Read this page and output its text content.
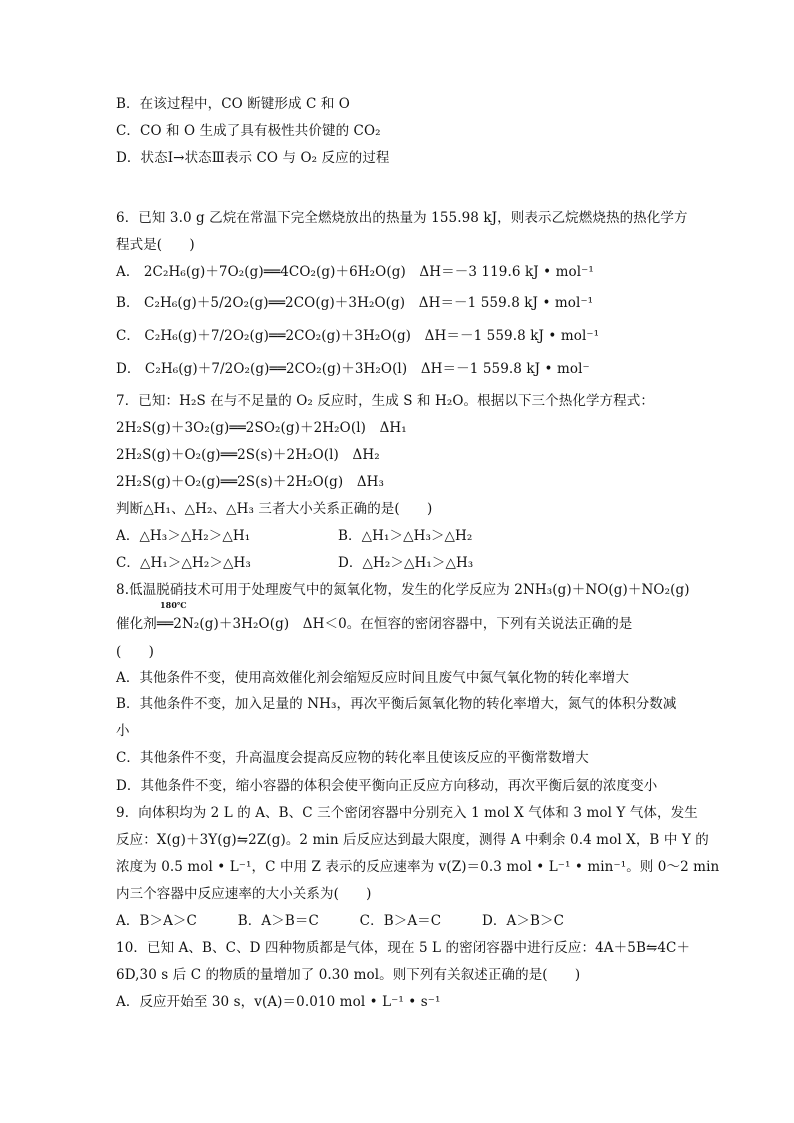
B．在该过程中，CO 断键形成 C 和 O
C．CO 和 O 生成了具有极性共价键的 CO₂
D．状态Ⅰ→状态Ⅲ表示 CO 与 O₂ 反应的过程
6．已知 3.0 g 乙烷在常温下完全燃烧放出的热量为 155.98 kJ，则表示乙烷燃烧热的热化学方
程式是(　　)
A． 2C₂H₆(g)＋7O₂(g)══4CO₂(g)＋6H₂O(g)　ΔH＝－3 119.6 kJ • mol⁻¹
B． C₂H₆(g)＋5/2O₂(g)══2CO(g)＋3H₂O(g)　ΔH＝－1 559.8 kJ • mol⁻¹
C． C₂H₆(g)＋7/2O₂(g)══2CO₂(g)＋3H₂O(g)　ΔH＝－1 559.8 kJ • mol⁻¹
D． C₂H₆(g)＋7/2O₂(g)══2CO₂(g)＋3H₂O(l)　ΔH＝－1 559.8 kJ • mol⁻
7．已知：H₂S 在与不足量的 O₂ 反应时，生成 S 和 H₂O。根据以下三个热化学方程式：
2H₂S(g)＋3O₂(g)══2SO₂(g)＋2H₂O(l)　ΔH₁
2H₂S(g)＋O₂(g)══2S(s)＋2H₂O(l)　ΔH₂
2H₂S(g)＋O₂(g)══2S(s)＋2H₂O(g)　ΔH₃
判断△H₁、△H₂、△H₃ 三者大小关系正确的是(　　)
A．△H₃＞△H₂＞△H₁	B．△H₁＞△H₃＞△H₂
C．△H₁＞△H₂＞△H₃	D．△H₂＞△H₁＞△H₃
8.低温脱硝技术可用于处理废气中的氮氧化物，发生的化学反应为 2NH₃(g)＋NO(g)＋NO₂(g)
180℃
催化剂══2N₂(g)＋3H₂O(g)　ΔH＜0。在恒容的密闭容器中，下列有关说法正确的是
(　　)
A．其他条件不变，使用高效催化剂会缩短反应时间且废气中氮气氧化物的转化率增大
B．其他条件不变，加入足量的 NH₃，再次平衡后氮氧化物的转化率增大，氮气的体积分数减
小
C．其他条件不变，升高温度会提高反应物的转化率且使该反应的平衡常数增大
D．其他条件不变，缩小容器的体积会使平衡向正反应方向移动，再次平衡后氨的浓度变小
9．向体积均为 2 L 的 A、B、C 三个密闭容器中分别充入 1 mol X 气体和 3 mol Y 气体，发生
反应：X(g)＋3Y(g)⇋2Z(g)。2 min 后反应达到最大限度，测得 A 中剩余 0.4 mol X，B 中 Y 的
浓度为 0.5 mol • L⁻¹，C 中用 Z 表示的反应速率为 v(Z)＝0.3 mol • L⁻¹ • min⁻¹。则 0～2 min
内三个容器中反应速率的大小关系为(　　)
A．B＞A＞C　　　B．A＞B＝C　　　C．B＞A＝C　　　D．A＞B＞C
10．已知 A、B、C、D 四种物质都是气体，现在 5 L 的密闭容器中进行反应：4A＋5B⇋4C＋
6D,30 s 后 C 的物质的量增加了 0.30 mol。则下列有关叙述正确的是(　　)
A．反应开始至 30 s，v(A)＝0.010 mol • L⁻¹ • s⁻¹
